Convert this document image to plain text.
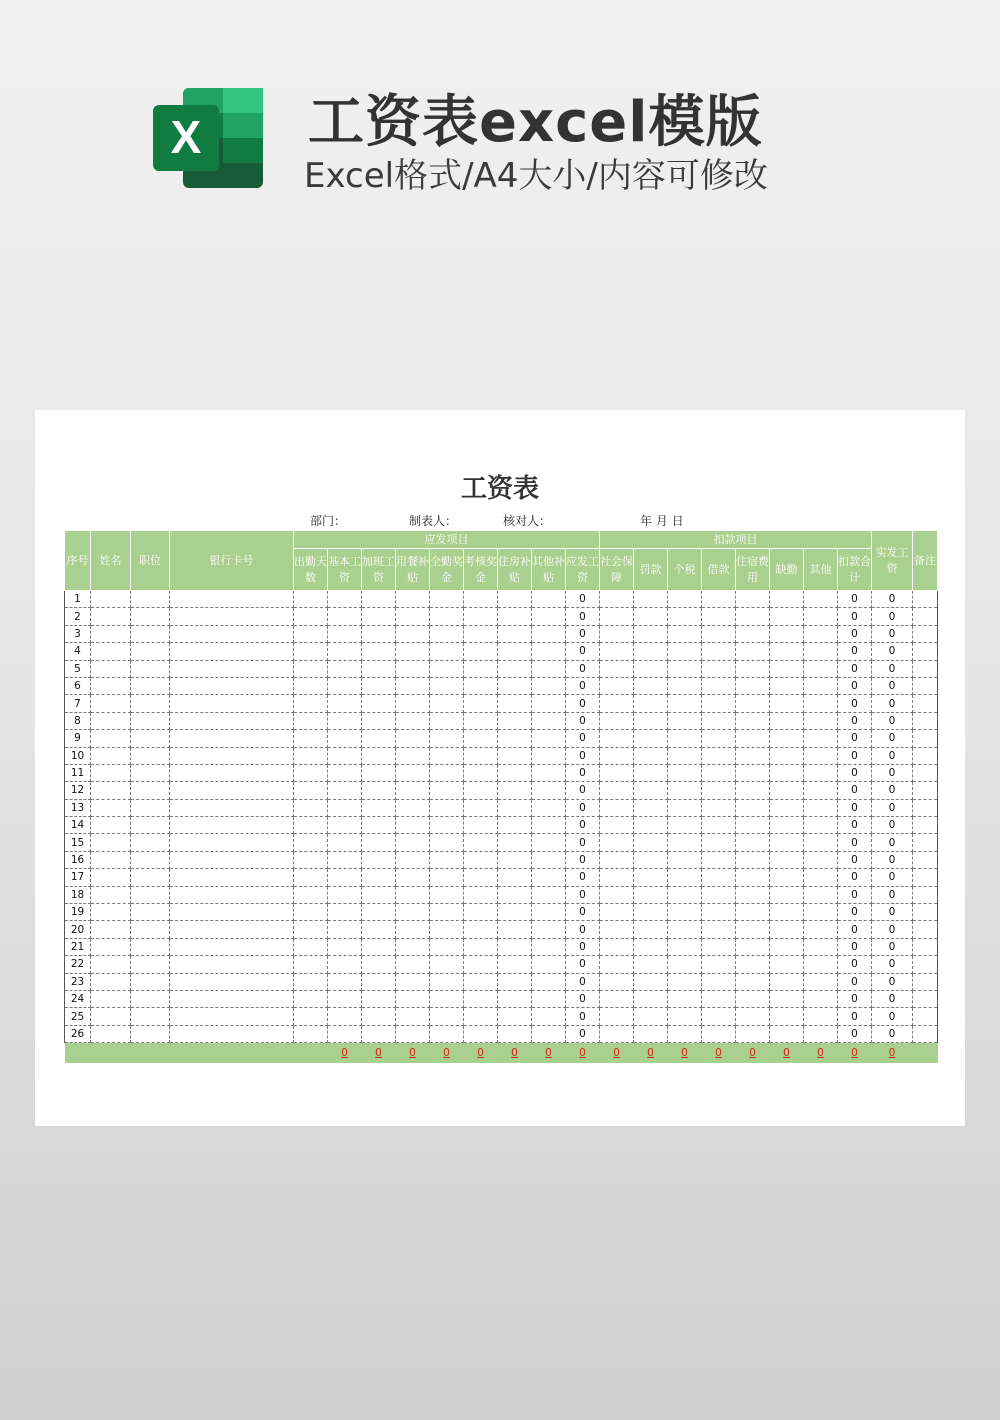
X 工资表excel模版
Excel格式/A4大小/内容可修改
工资表
部门：	制表人：	核对人：	年 月 日
序号	姓名	职位	银行卡号	应发项目									扣款项目								实发工资	备注
				出勤天数	基本工资	加班工资	用餐补贴	全勤奖金	考核奖金	住房补贴	其他补贴	应发工资	社会保障	罚款	个税	借款	住宿费用	缺勤	其他	扣款合计		
1												0								0	0	
2												0								0	0	
3												0								0	0	
4												0								0	0	
5												0								0	0	
6												0								0	0	
7												0								0	0	
8												0								0	0	
9												0								0	0	
10												0								0	0	
11												0								0	0	
12												0								0	0	
13												0								0	0	
14												0								0	0	
15												0								0	0	
16												0								0	0	
17												0								0	0	
18												0								0	0	
19												0								0	0	
20												0								0	0	
21												0								0	0	
22												0								0	0	
23												0								0	0	
24												0								0	0	
25												0								0	0	
26												0								0	0	
					0	0	0	0	0	0	0	0	0	0	0	0	0	0	0	0	0	
